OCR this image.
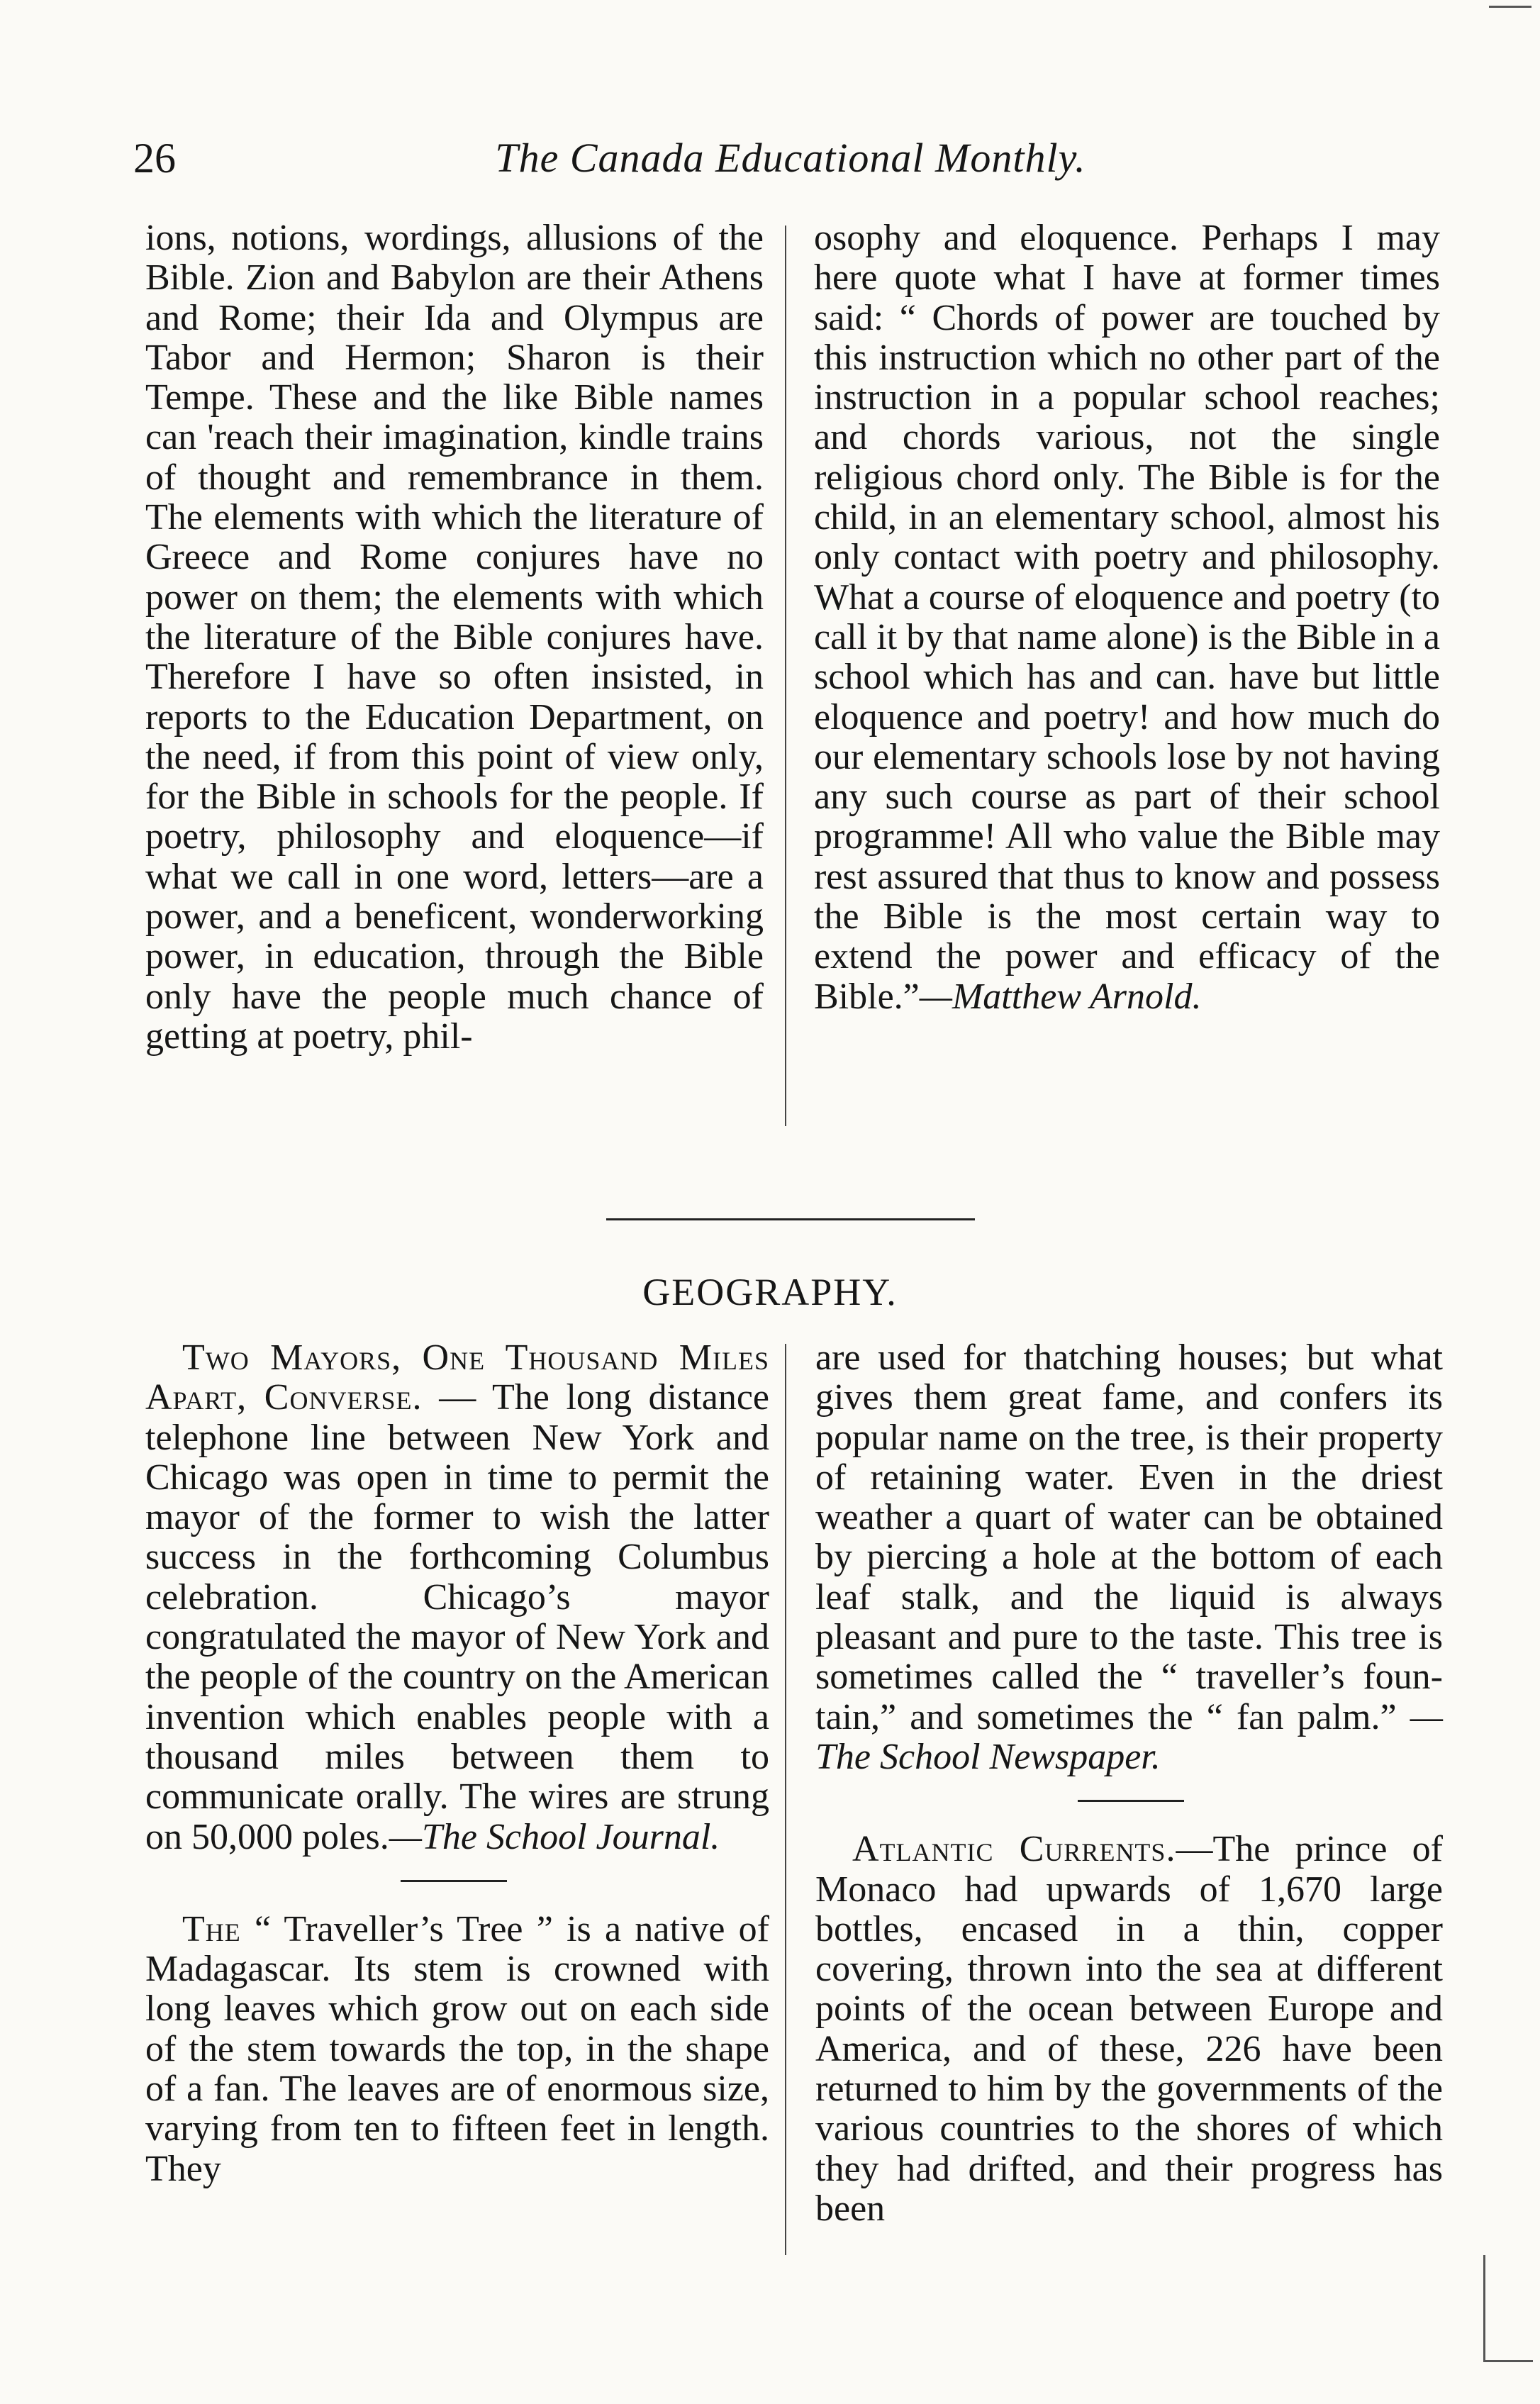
26	The Canada Educational Monthly.

ions, notions, wordings, allusions of the Bible. Zion and Babylon are their Athens and Rome; their Ida and Olympus are Tabor and Hermon; Sharon is their Tempe. These and the like Bible names can 'reach their imagination, kindle trains of thought and remembrance in them. The elements with which the literature of Greece and Rome conjures have no power on them; the elements with which the literature of the Bible conjures have. Therefore I have so often insisted, in reports to the Education Department, on the need, if from this point of view only, for the Bible in schools for the people. If poetry, philosophy and eloquence—if what we call in one word, letters—are a power, and a beneficent, wonderworking power, in education, through the Bible only have the people much chance of getting at poetry, phil-

osophy and eloquence. Perhaps I may here quote what I have at former times said: “ Chords of power are touched by this instruction which no other part of the instruction in a popular school reaches; and chords various, not the single religious chord only. The Bible is for the child, in an elementary school, almost his only contact with poetry and philosophy. What a course of eloquence and poetry (to call it by that name alone) is the Bible in a school which has and can. have but little eloquence and poetry! and how much do our elementary schools lose by not having any such course as part of their school programme! All who value the Bible may rest assured that thus to know and possess the Bible is the most certain way to extend the power and efficacy of the Bible.”—Matthew Arnold.

GEOGRAPHY.

Two Mayors, One Thousand Miles Apart, Converse. — The long distance telephone line between New York and Chicago was open in time to permit the mayor of the former to wish the latter success in the forthcoming Columbus celebration. Chicago’s mayor congratulated the mayor of New York and the people of the country on the American invention which enables people with a thousand miles between them to communicate orally. The wires are strung on 50,000 poles.—The School Journal.

The “ Traveller’s Tree ” is a native of Madagascar. Its stem is crowned with long leaves which grow out on each side of the stem towards the top, in the shape of a fan. The leaves are of enormous size, varying from ten to fifteen feet in length. They

are used for thatching houses; but what gives them great fame, and confers its popular name on the tree, is their property of retaining water. Even in the driest weather a quart of water can be obtained by piercing a hole at the bottom of each leaf stalk, and the liquid is always pleasant and pure to the taste. This tree is sometimes called the “ traveller’s fountain,” and sometimes the “ fan palm.” —The School Newspaper.

Atlantic Currents.—The prince of Monaco had upwards of 1,670 large bottles, encased in a thin, copper covering, thrown into the sea at different points of the ocean between Europe and America, and of these, 226 have been returned to him by the governments of the various countries to the shores of which they had drifted, and their progress has been
